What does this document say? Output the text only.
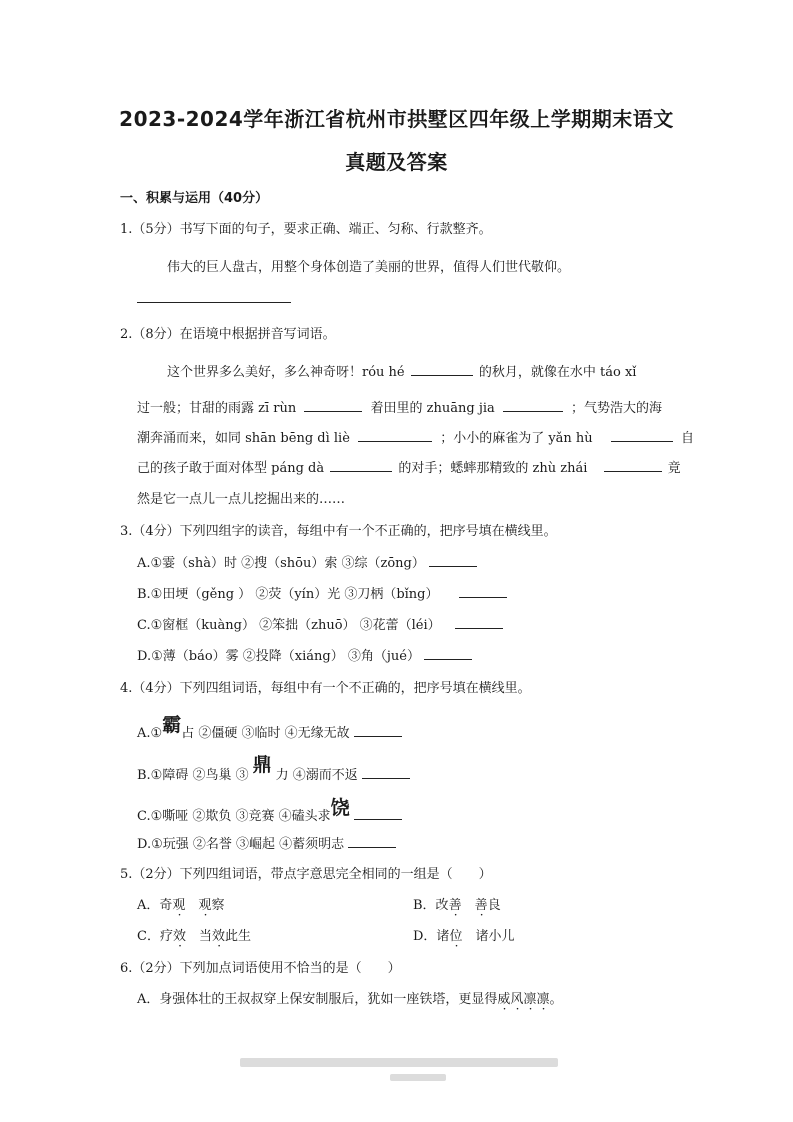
2023-2024学年浙江省杭州市拱墅区四年级上学期期末语文
真题及答案
一、积累与运用（40分）
1.（5分）书写下面的句子，要求正确、端正、匀称、行款整齐。
伟大的巨人盘古，用整个身体创造了美丽的世界，值得人们世代敬仰。
2.（8分）在语境中根据拼音写词语。
这个世界多么美好，多么神奇呀！róu hé	的秋月，就像在水中 táo xǐ
过一般；甘甜的雨露 zī rùn	着田里的 zhuāng jia	；气势浩大的海
潮奔涌而来，如同 shān bēng dì liè	；小小的麻雀为了 yǎn hù	自
己的孩子敢于面对体型 páng dà	的对手；蟋蟀那精致的 zhù zhái	竟
然是它一点儿一点儿挖掘出来的……
3.（4分）下列四组字的读音，每组中有一个不正确的，把序号填在横线里。
A.①霎（shà）时 ②搜（shōu）索 ③综（zōng）
B.①田埂（gěng ） ②荧（yín）光 ③刀柄（bǐng）
C.①窗框（kuàng） ②笨拙（zhuō） ③花蕾（léi）
D.①薄（báo）雾 ②投降（xiáng） ③角（jué）
4.（4分）下列四组词语，每组中有一个不正确的，把序号填在横线里。
A.①霸占 ②僵硬 ③临时 ④无缘无故
B.①障碍 ②鸟巢 ③ 鼎 力 ④溺而不返
C.①嘶哑 ②欺负 ③竞赛 ④磕头求饶
D.①玩强 ②名誉 ③崛起 ④蓄须明志
5.（2分）下列四组词语，带点字意思完全相同的一组是（　　）
A．奇观　 观察	B．改善　 善良
C．疗效　当效此生	D．诸位　诸小儿
6.（2分）下列加点词语使用不恰当的是（　　）
A．身强体壮的王叔叔穿上保安制服后，犹如一座铁塔，更显得威风凛凛。
